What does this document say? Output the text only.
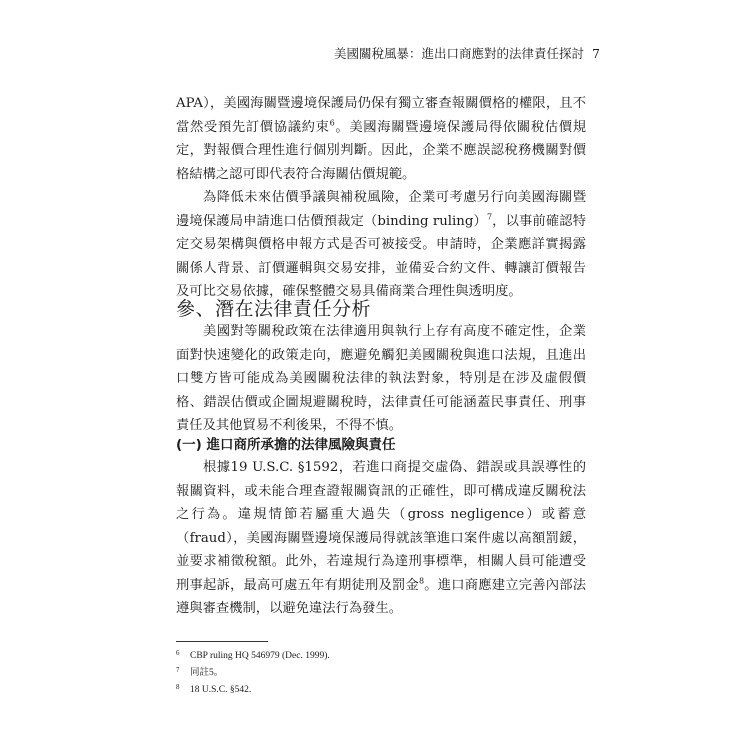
美國關稅風暴：進出口商應對的法律責任探討 7

APA），美國海關暨邊境保護局仍保有獨立審查報關價格的權限，且不當然受預先訂價協議約束$^6$。美國海關暨邊境保護局得依關稅估價規定，對報價合理性進行個別判斷。因此，企業不應誤認稅務機關對價格結構之認可即代表符合海關估價規範。

為降低未來估價爭議與補稅風險，企業可考慮另行向美國海關暨邊境保護局申請進口估價預裁定（binding ruling）$^7$，以事前確認特定交易架構與價格申報方式是否可被接受。申請時，企業應詳實揭露關係人背景、訂價邏輯與交易安排，並備妥合約文件、轉讓訂價報告及可比交易依據，確保整體交易具備商業合理性與透明度。

參、潛在法律責任分析

美國對等關稅政策在法律適用與執行上存有高度不確定性，企業面對快速變化的政策走向，應避免觸犯美國關稅與進口法規，且進出口雙方皆可能成為美國關稅法律的執法對象，特別是在涉及虛假價格、錯誤估價或企圖規避關稅時，法律責任可能涵蓋民事責任、刑事責任及其他貿易不利後果，不得不慎。

(一) 進口商所承擔的法律風險與責任

根據19 U.S.C. §1592，若進口商提交虛偽、錯誤或具誤導性的報關資料，或未能合理查證報關資訊的正確性，即可構成違反關稅法之行為。違規情節若屬重大過失（gross negligence）或蓄意（fraud），美國海關暨邊境保護局得就該筆進口案件處以高額罰鍰，並要求補徵稅額。此外，若違規行為達刑事標準，相關人員可能遭受刑事起訴，最高可處五年有期徒刑及罰金$^8$。進口商應建立完善內部法遵與審查機制，以避免違法行為發生。

6 CBP ruling HQ 546979 (Dec. 1999).
7 同註5。
8 18 U.S.C. §542.
